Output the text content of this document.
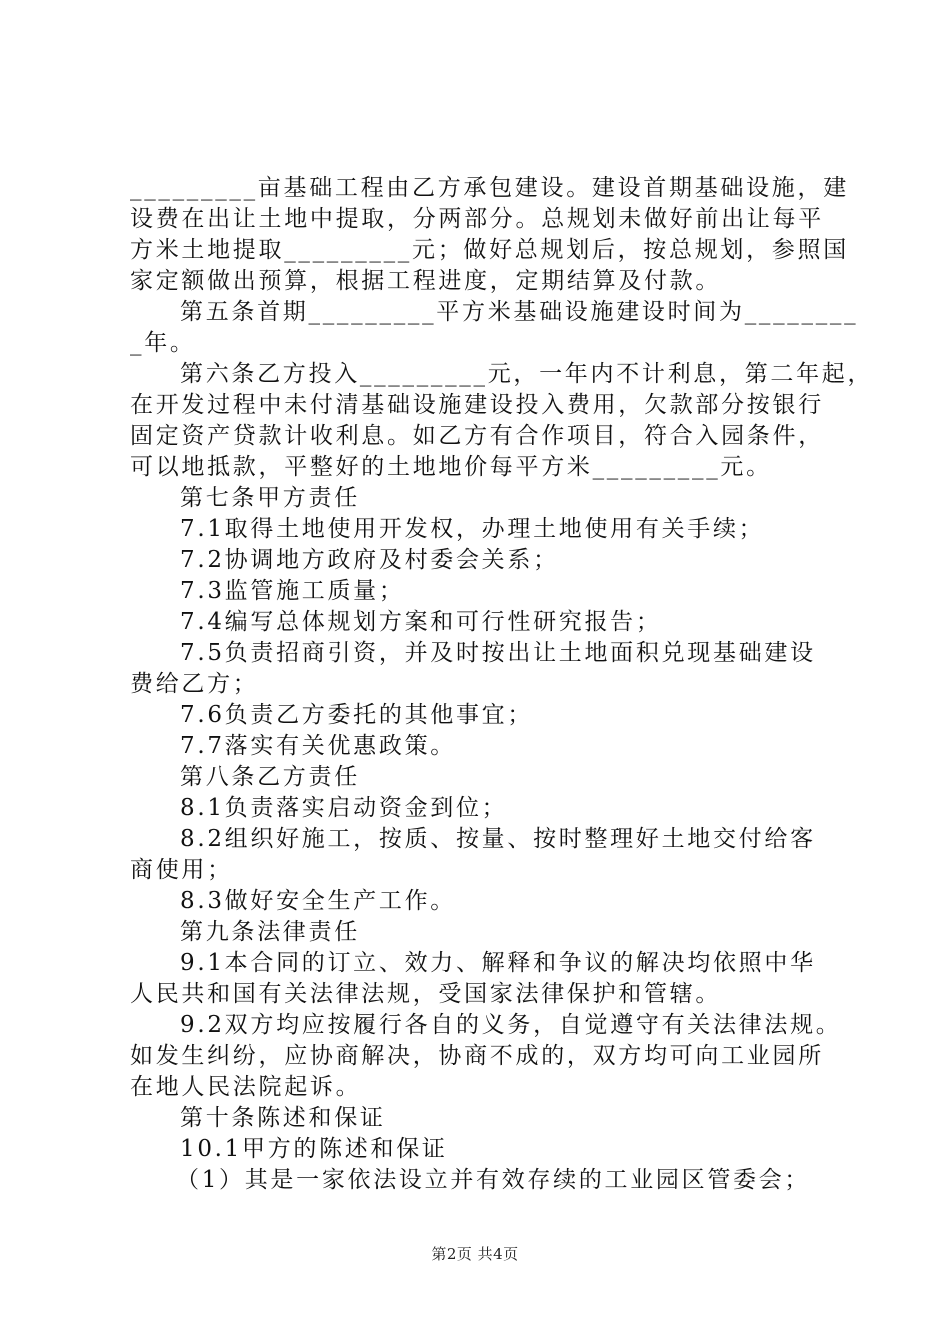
_________亩基础工程由乙方承包建设。建设首期基础设施，建
设费在出让土地中提取，分两部分。总规划未做好前出让每平
方米土地提取_________元；做好总规划后，按总规划，参照国
家定额做出预算，根据工程进度，定期结算及付款。
第五条首期_________平方米基础设施建设时间为________
_年。
第六条乙方投入_________元，一年内不计利息，第二年起，
在开发过程中未付清基础设施建设投入费用，欠款部分按银行
固定资产贷款计收利息。如乙方有合作项目，符合入园条件，
可以地抵款，平整好的土地地价每平方米_________元。
第七条甲方责任
7.1取得土地使用开发权，办理土地使用有关手续；
7.2协调地方政府及村委会关系；
7.3监管施工质量；
7.4编写总体规划方案和可行性研究报告；
7.5负责招商引资，并及时按出让土地面积兑现基础建设
费给乙方；
7.6负责乙方委托的其他事宜；
7.7落实有关优惠政策。
第八条乙方责任
8.1负责落实启动资金到位；
8.2组织好施工，按质、按量、按时整理好土地交付给客
商使用；
8.3做好安全生产工作。
第九条法律责任
9.1本合同的订立、效力、解释和争议的解决均依照中华
人民共和国有关法律法规，受国家法律保护和管辖。
9.2双方均应按履行各自的义务，自觉遵守有关法律法规。
如发生纠纷，应协商解决，协商不成的，双方均可向工业园所
在地人民法院起诉。
第十条陈述和保证
10.1甲方的陈述和保证
（1）其是一家依法设立并有效存续的工业园区管委会；
第2页 共4页
